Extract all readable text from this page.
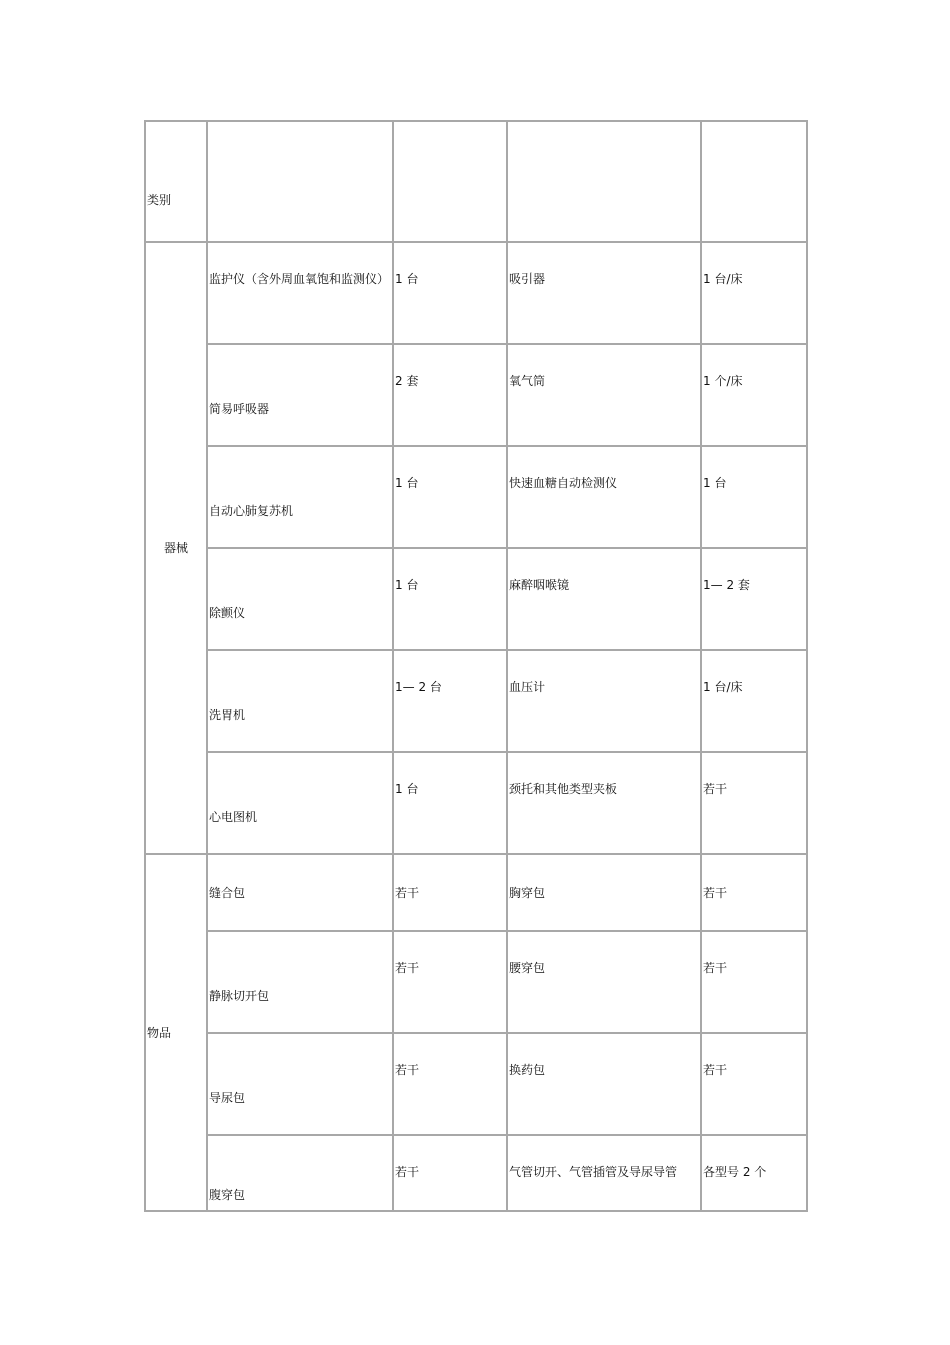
类别				

器械	监护仪（含外周血氧饱和监测仪）	1 台	吸引器	1 台/床

	简易呼吸器	2 套	氧气筒	1 个/床

	自动心肺复苏机	1 台	快速血糖自动检测仪	1 台

	除颤仪	1 台	麻醉咽喉镜	1— 2 套

	洗胃机	1— 2 台	血压计	1 台/床

	心电图机	1 台	颈托和其他类型夹板	若干

物品	缝合包	若干	胸穿包	若干

	静脉切开包	若干	腰穿包	若干

	导尿包	若干	换药包	若干

	腹穿包	若干	气管切开、气管插管及导尿导管	各型号 2 个
